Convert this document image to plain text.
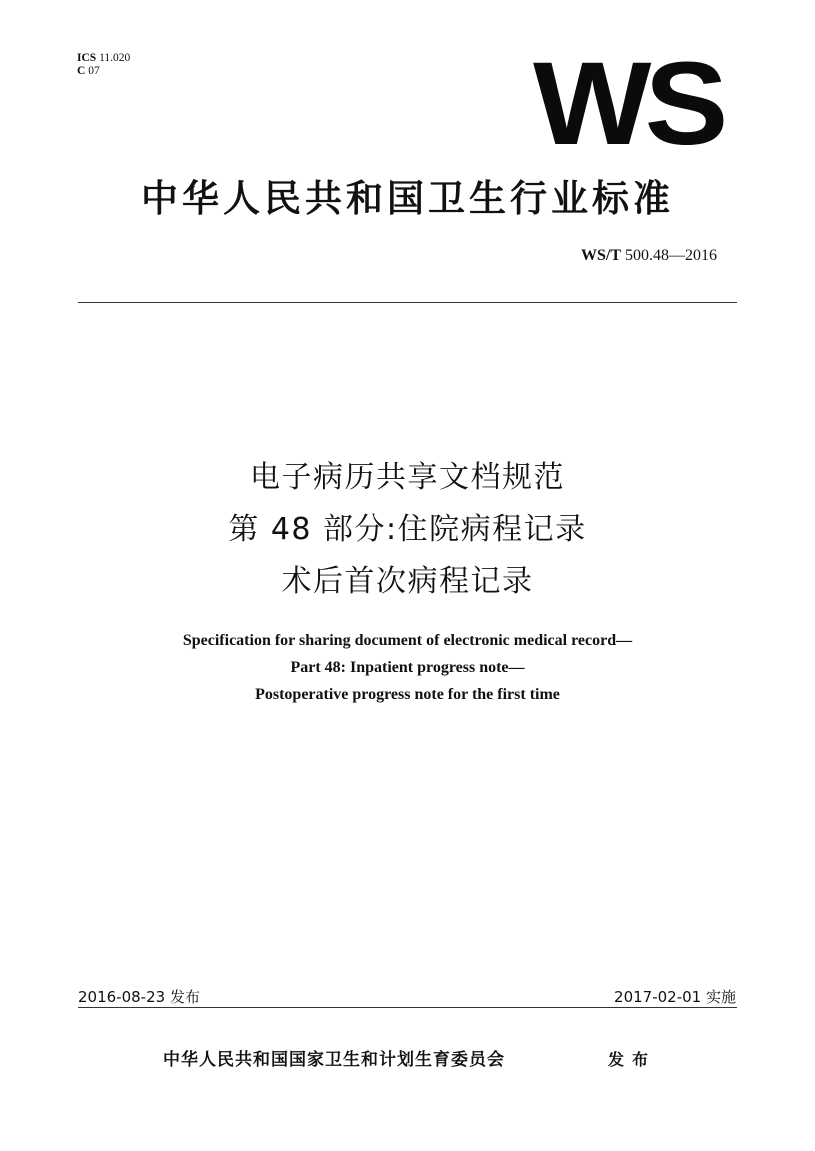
ICS 11.020
C 07	WS
中华人民共和国卫生行业标准
WS/T 500.48—2016
电子病历共享文档规范
第 48 部分:住院病程记录
术后首次病程记录
Specification for sharing document of electronic medical record—
Part 48: Inpatient progress note—
Postoperative progress note for the first time
2016-08-23 发布	2017-02-01 实施
中华人民共和国国家卫生和计划生育委员会	发布
